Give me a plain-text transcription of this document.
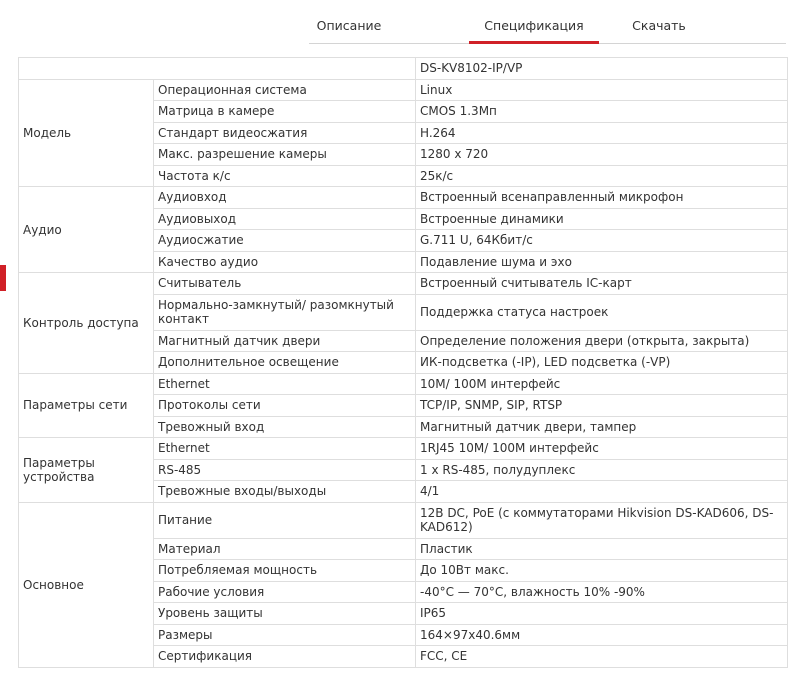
Описание	Спецификация	Скачать
		DS-KV8102-IP/VP
Модель	Операционная система	Linux
	Матрица в камере	CMOS 1.3Мп
	Стандарт видеосжатия	H.264
	Макс. разрешение камеры	1280 x 720
	Частота к/с	25к/с
Аудио	Аудиовход	Встроенный всенаправленный микрофон
	Аудиовыход	Встроенные динамики
	Аудиосжатие	G.711 U, 64Кбит/с
	Качество аудио	Подавление шума и эхо
Контроль доступа	Считыватель	Встроенный считыватель IC-карт
	Нормально-замкнутый/ разомкнутый контакт	Поддержка статуса настроек
	Магнитный датчик двери	Определение положения двери (открыта, закрыта)
	Дополнительное освещение	ИК-подсветка (-IP), LED подсветка (-VP)
Параметры сети	Ethernet	10M/ 100M интерфейс
	Протоколы сети	TCP/IP, SNMP, SIP, RTSP
	Тревожный вход	Магнитный датчик двери, тампер
Параметры устройства	Ethernet	1RJ45 10M/ 100M интерфейс
	RS-485	1 x RS-485, полудуплекс
	Тревожные входы/выходы	4/1
Основное	Питание	12В DC, PoE (с коммутаторами Hikvision DS-KAD606, DS-KAD612)
	Материал	Пластик
	Потребляемая мощность	До 10Вт макс.
	Рабочие условия	-40°C — 70°C, влажность 10% -90%
	Уровень защиты	IP65
	Размеры	164×97x40.6мм
	Сертификация	FCC, CE
